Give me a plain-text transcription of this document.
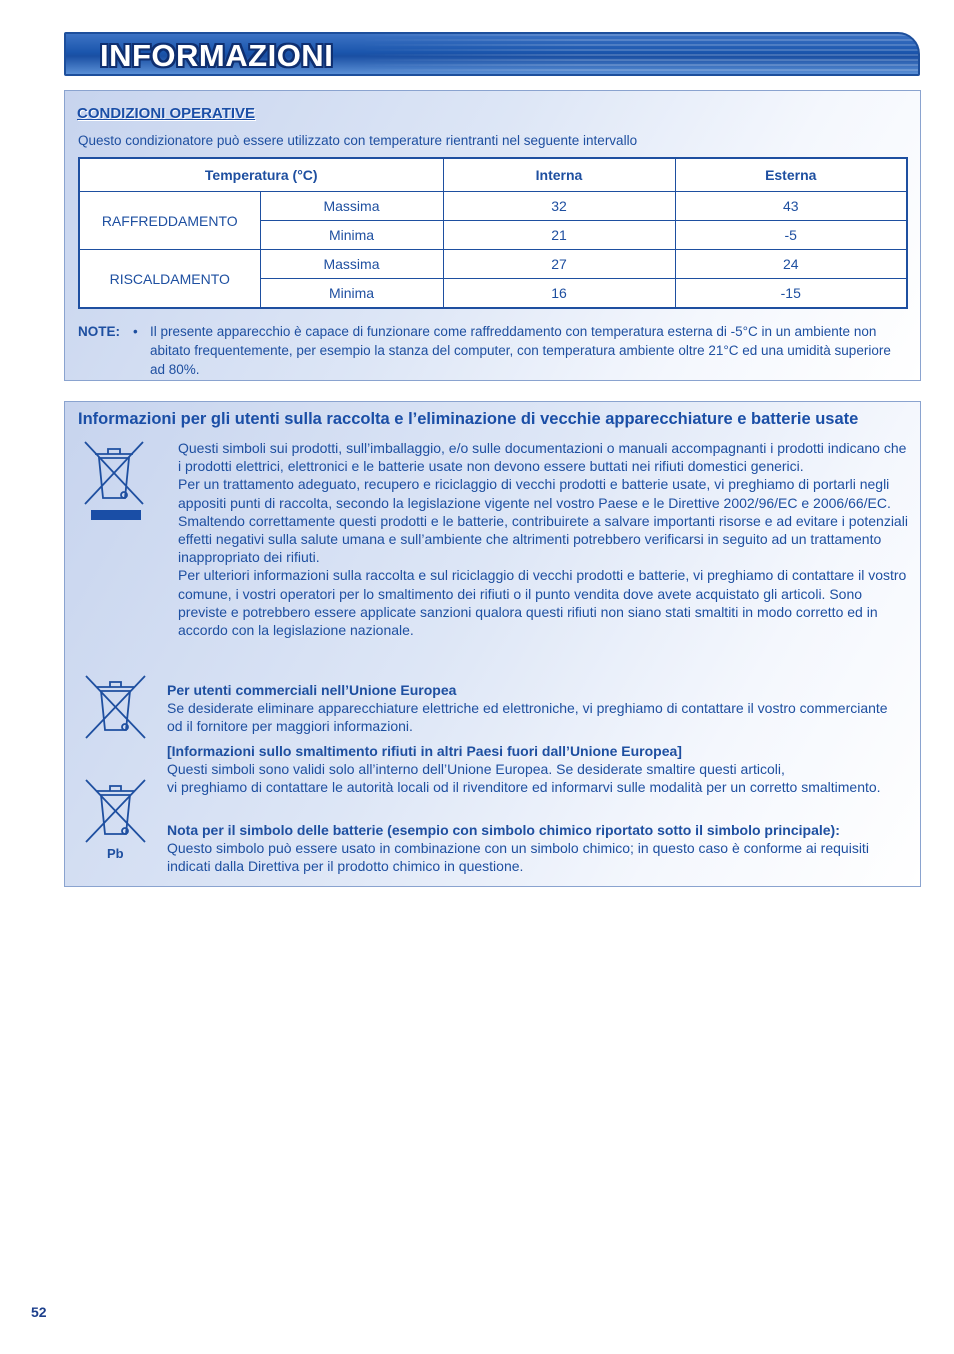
INFORMAZIONI
CONDIZIONI OPERATIVE
Questo condizionatore può essere utilizzato con temperature rientranti nel seguente intervallo
Temperatura (°C)		Interna	Esterna
RAFFREDDAMENTO	Massima	32	43
	Minima	21	-5
RISCALDAMENTO	Massima	27	24
	Minima	16	-15
NOTE: • Il presente apparecchio è capace di funzionare come raffreddamento con temperatura esterna di -5°C in un ambiente non abitato frequentemente, per esempio la stanza del computer, con temperatura ambiente oltre 21°C ed una umidità superiore ad 80%.
Informazioni per gli utenti sulla raccolta e l’eliminazione di vecchie apparecchiature e batterie usate

Questi simboli sui prodotti, sull’imballaggio, e/o sulle documentazioni o manuali accompagnanti i prodotti indicano che i prodotti elettrici, elettronici e le batterie usate non devono essere buttati nei rifiuti domestici generici.

Per un trattamento adeguato, recupero e riciclaggio di vecchi prodotti e batterie usate, vi preghiamo di portarli negli appositi punti di raccolta, secondo la legislazione vigente nel vostro Paese e le Direttive 2002/96/EC e 2006/66/EC.

Smaltendo correttamente questi prodotti e le batterie, contribuirete a salvare importanti risorse e ad evitare i potenziali effetti negativi sulla salute umana e sull’ambiente che altrimenti potrebbero verificarsi in seguito ad un trattamento inappropriato dei rifiuti.

Per ulteriori informazioni sulla raccolta e sul riciclaggio di vecchi prodotti e batterie, vi preghiamo di contattare il vostro comune, i vostri operatori per lo smaltimento dei rifiuti o il punto vendita dove avete acquistato gli articoli. Sono previste e potrebbero essere applicate sanzioni qualora questi rifiuti non siano stati smaltiti in modo corretto ed in accordo con la legislazione nazionale.

Pb
Per utenti commerciali nell’Unione Europea
Se desiderate eliminare apparecchiature elettriche ed elettroniche, vi preghiamo di contattare il vostro commerciante od il fornitore per maggiori informazioni.
[Informazioni sullo smaltimento rifiuti in altri Paesi fuori dall’Unione Europea]
Questi simboli sono validi solo all’interno dell’Unione Europea. Se desiderate smaltire questi articoli,
vi preghiamo di contattare le autorità locali od il rivenditore ed informarvi sulle modalità per un corretto smaltimento.
Nota per il simbolo delle batterie (esempio con simbolo chimico riportato sotto il simbolo principale):
Questo simbolo può essere usato in combinazione con un simbolo chimico; in questo caso è conforme ai requisiti indicati dalla Direttiva per il prodotto chimico in questione.
52
